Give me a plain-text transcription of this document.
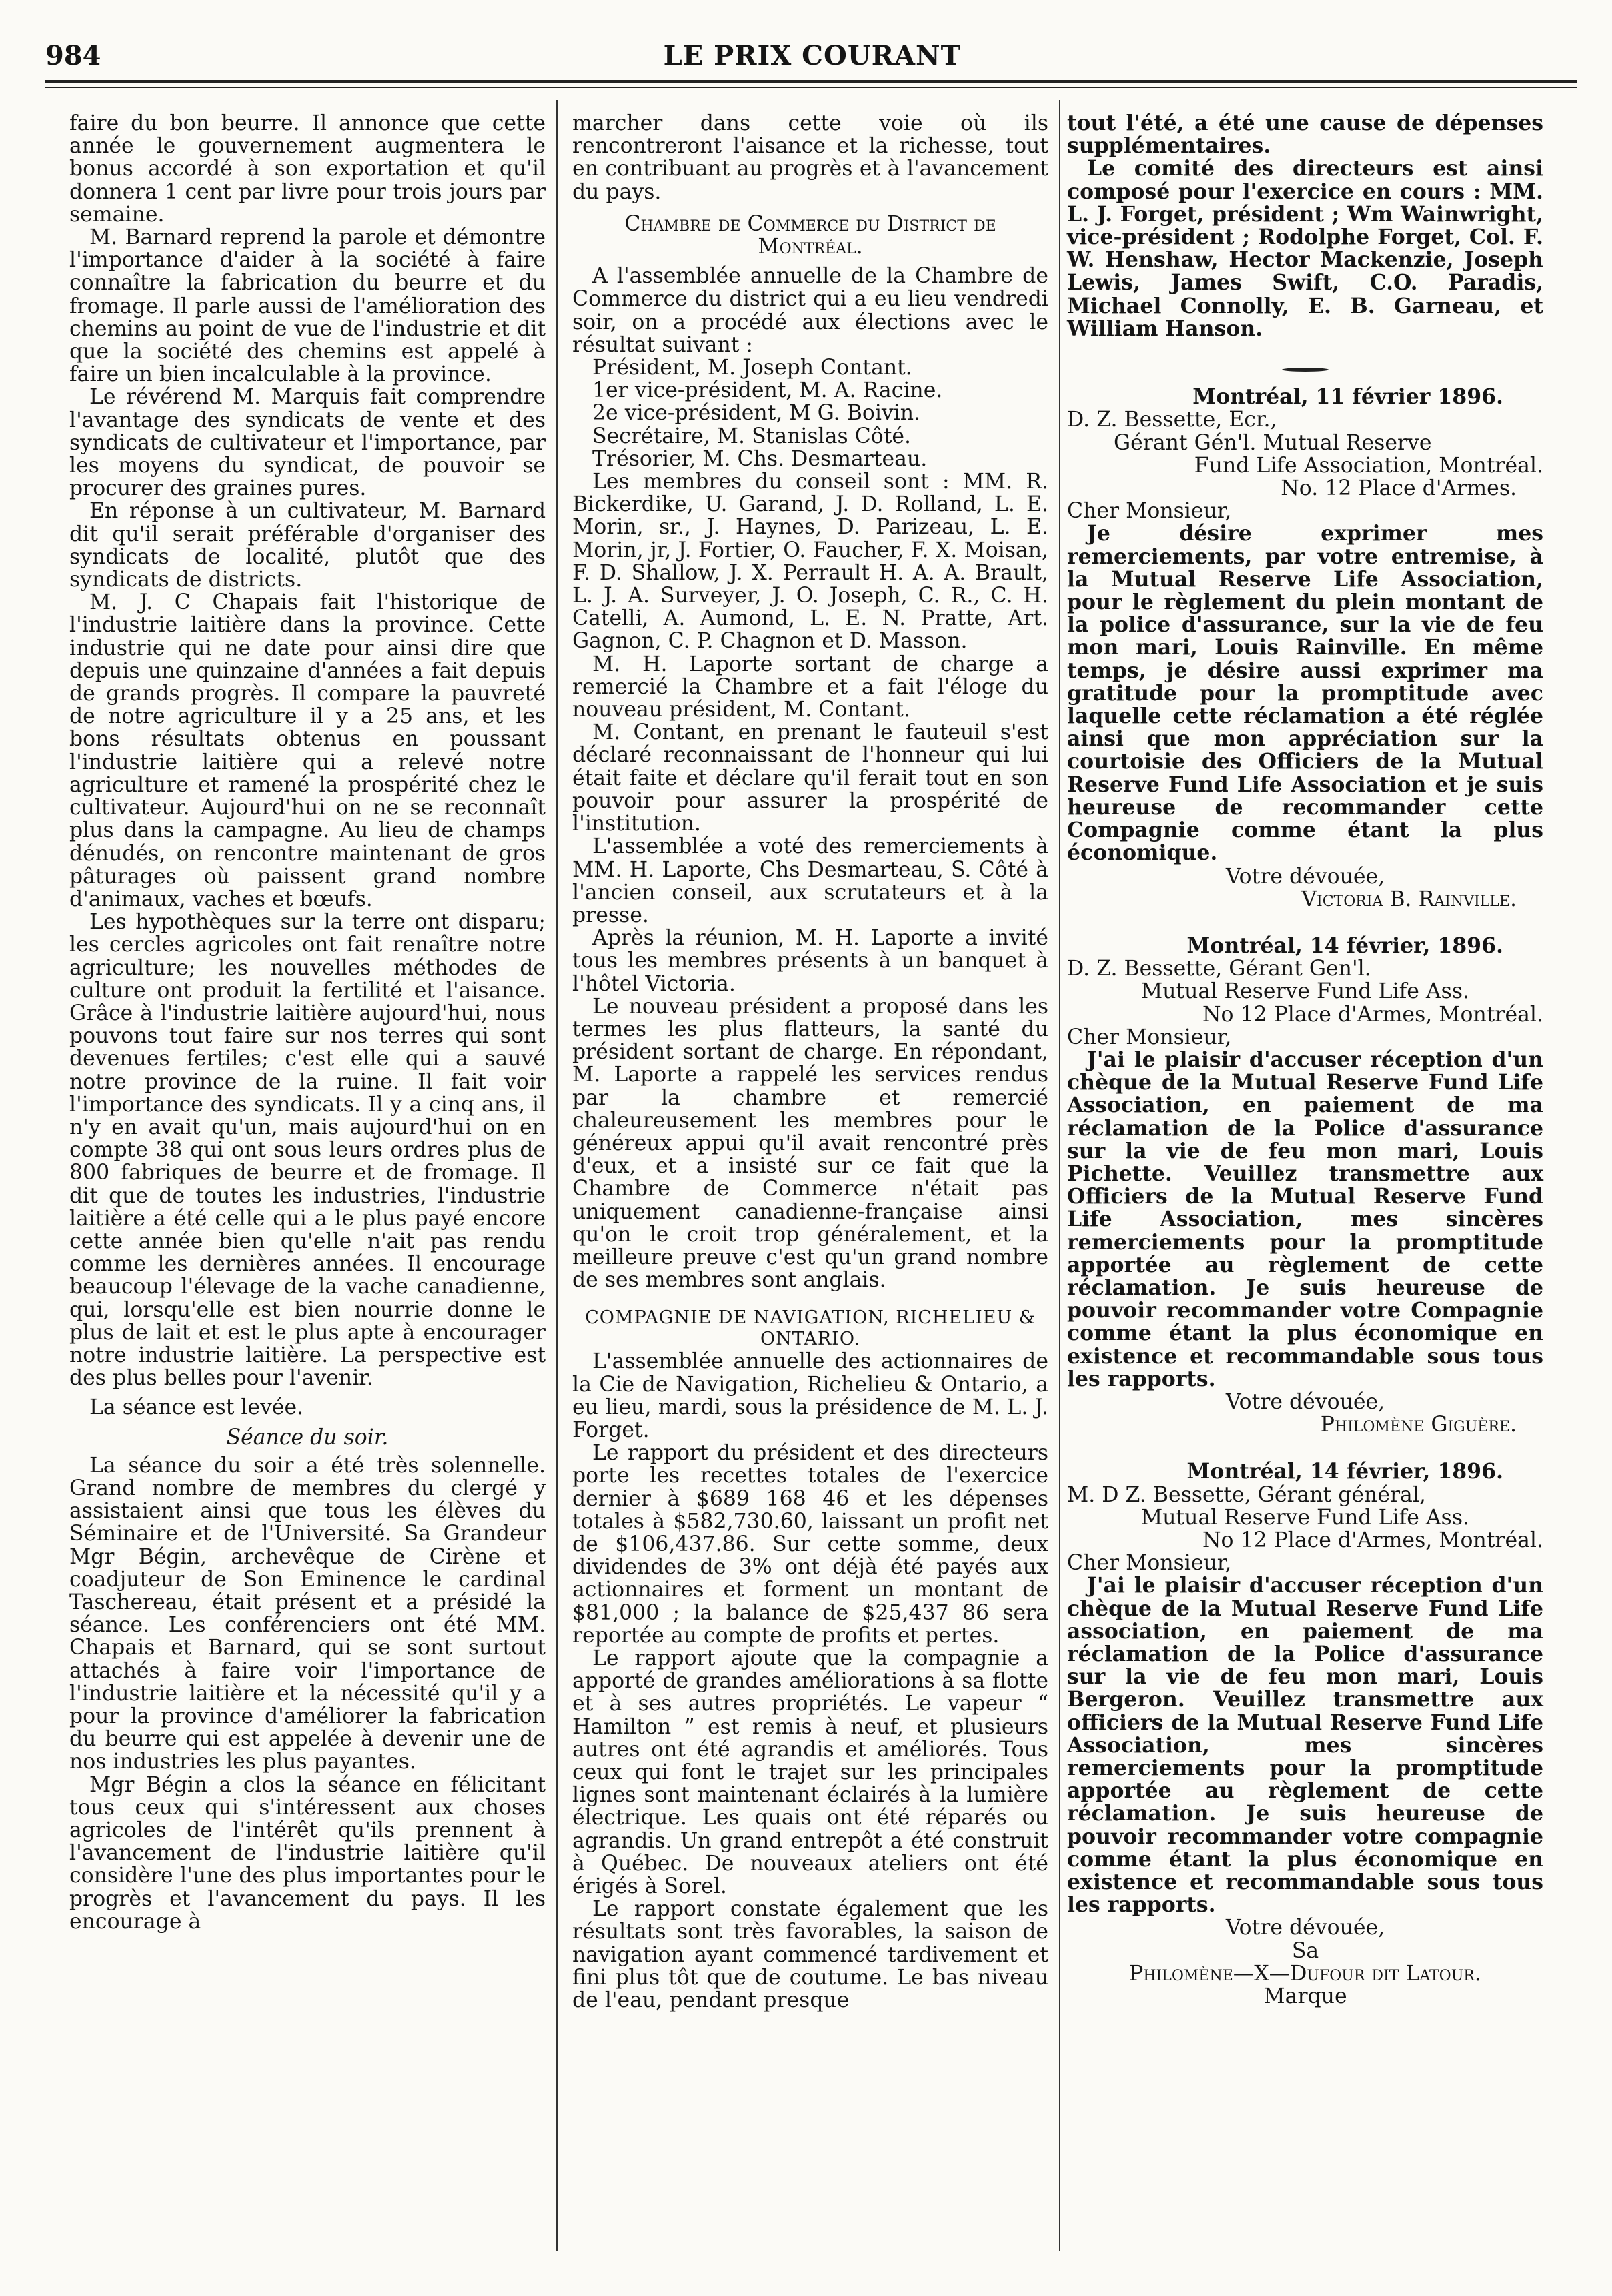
984	LE PRIX COURANT

faire du bon beurre. Il annonce que cette année le gouvernement augmentera le bonus accordé à son exportation et qu'il donnera 1 cent par livre pour trois jours par semaine.

M. Barnard reprend la parole et démontre l'importance d'aider à la société à faire connaître la fabrication du beurre et du fromage. Il parle aussi de l'amélioration des chemins au point de vue de l'industrie et dit que la société des chemins est appelé à faire un bien incalculable à la province.

Le révérend M. Marquis fait comprendre l'avantage des syndicats de vente et des syndicats de cultivateur et l'importance, par les moyens du syndicat, de pouvoir se procurer des graines pures.

En réponse à un cultivateur, M. Barnard dit qu'il serait préférable d'organiser des syndicats de localité, plutôt que des syndicats de districts.

M. J. C Chapais fait l'historique de l'industrie laitière dans la province. Cette industrie qui ne date pour ainsi dire que depuis une quinzaine d'années a fait depuis de grands progrès. Il compare la pauvreté de notre agriculture il y a 25 ans, et les bons résultats obtenus en poussant l'industrie laitière qui a relevé notre agriculture et ramené la prospérité chez le cultivateur. Aujourd'hui on ne se reconnaît plus dans la campagne. Au lieu de champs dénudés, on rencontre maintenant de gros pâturages où paissent grand nombre d'animaux, vaches et bœufs.

Les hypothèques sur la terre ont disparu; les cercles agricoles ont fait renaître notre agriculture; les nouvelles méthodes de culture ont produit la fertilité et l'aisance. Grâce à l'industrie laitière aujourd'hui, nous pouvons tout faire sur nos terres qui sont devenues fertiles; c'est elle qui a sauvé notre province de la ruine. Il fait voir l'importance des syndicats. Il y a cinq ans, il n'y en avait qu'un, mais aujourd'hui on en compte 38 qui ont sous leurs ordres plus de 800 fabriques de beurre et de fromage. Il dit que de toutes les industries, l'industrie laitière a été celle qui a le plus payé encore cette année bien qu'elle n'ait pas rendu comme les dernières années. Il encourage beaucoup l'élevage de la vache canadienne, qui, lorsqu'elle est bien nourrie donne le plus de lait et est le plus apte à encourager notre industrie laitière. La perspective est des plus belles pour l'avenir.

La séance est levée.

Séance du soir.

La séance du soir a été très solennelle. Grand nombre de membres du clergé y assistaient ainsi que tous les élèves du Séminaire et de l'Université. Sa Grandeur Mgr Bégin, archevêque de Cirène et coadjuteur de Son Eminence le cardinal Taschereau, était présent et a présidé la séance. Les conférenciers ont été MM. Chapais et Barnard, qui se sont surtout attachés à faire voir l'importance de l'industrie laitière et la nécessité qu'il y a pour la province d'améliorer la fabrication du beurre qui est appelée à devenir une de nos industries les plus payantes.

Mgr Bégin a clos la séance en félicitant tous ceux qui s'intéressent aux choses agricoles de l'intérêt qu'ils prennent à l'avancement de l'industrie laitière qu'il considère l'une des plus importantes pour le progrès et l'avancement du pays. Il les encourage à

marcher dans cette voie où ils rencontreront l'aisance et la richesse, tout en contribuant au progrès et à l'avancement du pays.

Chambre de Commerce du District de Montréal.

A l'assemblée annuelle de la Chambre de Commerce du district qui a eu lieu vendredi soir, on a procédé aux élections avec le résultat suivant :

Président, M. Joseph Contant.

1er vice-président, M. A. Racine.

2e vice-président, M G. Boivin.

Secrétaire, M. Stanislas Côté.

Trésorier, M. Chs. Desmarteau.

Les membres du conseil sont : MM. R. Bickerdike, U. Garand, J. D. Rolland, L. E. Morin, sr., J. Haynes, D. Parizeau, L. E. Morin, jr, J. Fortier, O. Faucher, F. X. Moisan, F. D. Shallow, J. X. Perrault H. A. A. Brault, L. J. A. Surveyer, J. O. Joseph, C. R., C. H. Catelli, A. Aumond, L. E. N. Pratte, Art. Gagnon, C. P. Chagnon et D. Masson.

M. H. Laporte sortant de charge a remercié la Chambre et a fait l'éloge du nouveau président, M. Contant.

M. Contant, en prenant le fauteuil s'est déclaré reconnaissant de l'honneur qui lui était faite et déclare qu'il ferait tout en son pouvoir pour assurer la prospérité de l'institution.

L'assemblée a voté des remerciements à MM. H. Laporte, Chs Desmarteau, S. Côté à l'ancien conseil, aux scrutateurs et à la presse.

Après la réunion, M. H. Laporte a invité tous les membres présents à un banquet à l'hôtel Victoria.

Le nouveau président a proposé dans les termes les plus flatteurs, la santé du président sortant de charge. En répondant, M. Laporte a rappelé les services rendus par la chambre et remercié chaleureusement les membres pour le généreux appui qu'il avait rencontré près d'eux, et a insisté sur ce fait que la Chambre de Commerce n'était pas uniquement canadienne-française ainsi qu'on le croit trop généralement, et la meilleure preuve c'est qu'un grand nombre de ses membres sont anglais.

COMPAGNIE DE NAVIGATION, RICHELIEU & ONTARIO.

L'assemblée annuelle des actionnaires de la Cie de Navigation, Richelieu & Ontario, a eu lieu, mardi, sous la présidence de M. L. J. Forget.

Le rapport du président et des directeurs porte les recettes totales de l'exercice dernier à $689 168 46 et les dépenses totales à $582,730.60, laissant un profit net de $106,437.86. Sur cette somme, deux dividendes de 3% ont déjà été payés aux actionnaires et forment un montant de $81,000 ; la balance de $25,437 86 sera reportée au compte de profits et pertes.

Le rapport ajoute que la compagnie a apporté de grandes améliorations à sa flotte et à ses autres propriétés. Le vapeur “ Hamilton ” est remis à neuf, et plusieurs autres ont été agrandis et améliorés. Tous ceux qui font le trajet sur les principales lignes sont maintenant éclairés à la lumière électrique. Les quais ont été réparés ou agrandis. Un grand entrepôt a été construit à Québec. De nouveaux ateliers ont été érigés à Sorel.

Le rapport constate également que les résultats sont très favorables, la saison de navigation ayant commencé tardivement et fini plus tôt que de coutume. Le bas niveau de l'eau, pendant presque

tout l'été, a été une cause de dépenses supplémentaires.

Le comité des directeurs est ainsi composé pour l'exercice en cours : MM. L. J. Forget, président ; Wm Wainwright, vice-président ; Rodolphe Forget, Col. F. W. Henshaw, Hector Mackenzie, Joseph Lewis, James Swift, C.O. Paradis, Michael Connolly, E. B. Garneau, et William Hanson.

Montréal, 11 février 1896.

D. Z. Bessette, Ecr.,

Gérant Gén'l. Mutual Reserve

Fund Life Association, Montréal.

No. 12 Place d'Armes.

Cher Monsieur,

Je désire exprimer mes remerciements, par votre entremise, à la Mutual Reserve Life Association, pour le règlement du plein montant de la police d'assurance, sur la vie de feu mon mari, Louis Rainville. En même temps, je désire aussi exprimer ma gratitude pour la promptitude avec laquelle cette réclamation a été réglée ainsi que mon appréciation sur la courtoisie des Officiers de la Mutual Reserve Fund Life Association et je suis heureuse de recommander cette Compagnie comme étant la plus économique.

Votre dévouée,

Victoria B. Rainville.

Montréal, 14 février, 1896.

D. Z. Bessette, Gérant Gen'l.

Mutual Reserve Fund Life Ass.

No 12 Place d'Armes, Montréal.

Cher Monsieur,

J'ai le plaisir d'accuser réception d'un chèque de la Mutual Reserve Fund Life Association, en paiement de ma réclamation de la Police d'assurance sur la vie de feu mon mari, Louis Pichette. Veuillez transmettre aux Officiers de la Mutual Reserve Fund Life Association, mes sincères remerciements pour la promptitude apportée au règlement de cette réclamation. Je suis heureuse de pouvoir recommander votre Compagnie comme étant la plus économique en existence et recommandable sous tous les rapports.

Votre dévouée,

Philomène Giguère.

Montréal, 14 février, 1896.

M. D Z. Bessette, Gérant général,

Mutual Reserve Fund Life Ass.

No 12 Place d'Armes, Montréal.

Cher Monsieur,

J'ai le plaisir d'accuser réception d'un chèque de la Mutual Reserve Fund Life association, en paiement de ma réclamation de la Police d'assurance sur la vie de feu mon mari, Louis Bergeron. Veuillez transmettre aux officiers de la Mutual Reserve Fund Life Association, mes sincères remerciements pour la promptitude apportée au règlement de cette réclamation. Je suis heureuse de pouvoir recommander votre compagnie comme étant la plus économique en existence et recommandable sous tous les rapports.

Votre dévouée,

Sa

Philomène—X—Dufour dit Latour.

Marque
